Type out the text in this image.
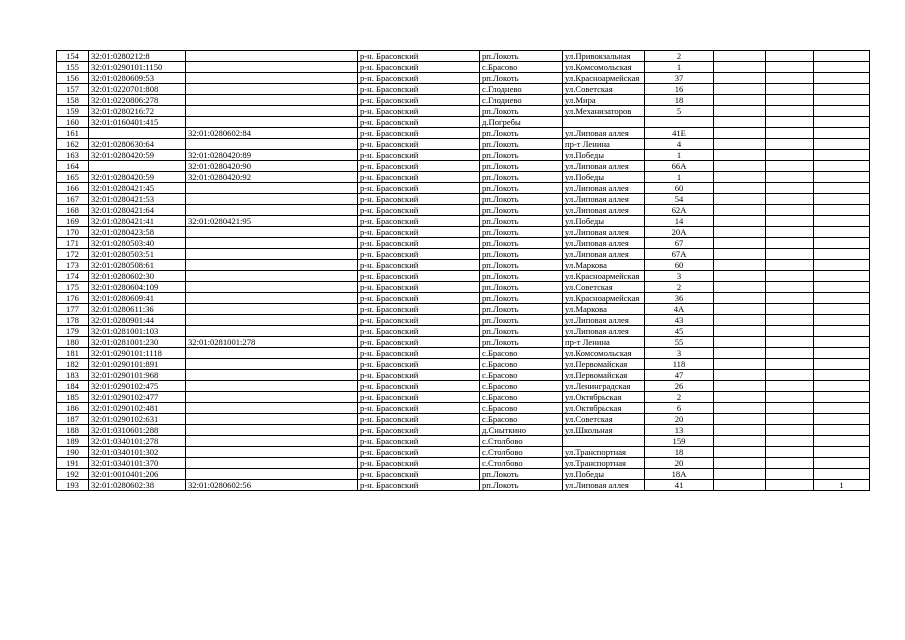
154	32:01:0280212:8		р-н. Брасовский	рп.Локоть	ул.Привокзальная	2			
155	32:01:0290101:1150		р-н. Брасовский	с.Брасово	ул.Комсомольская	1			
156	32:01:0280609:53		р-н. Брасовский	рп.Локоть	ул.Красноармейская	37			
157	32:01:0220701:808		р-н. Брасовский	с.Глоднево	ул.Советская	16			
158	32:01:0220806:278		р-н. Брасовский	с.Глодиево	ул.Мира	18			
159	32:01:0280216:72		р-н. Брасовский	рп.Локоть	ул.Механизаторов	5			
160	32:01:0160401:415		р-н. Брасовский	д.Погребы					
161		32:01:0280602:84	р-н. Брасовский	рп.Локоть	ул.Липовая аллея	41Е			
162	32:01:0280630:64		р-н. Брасовский	рп.Локоть	пр-т Ленина	4			
163	32:01:0280420:59	32:01:0280420:89	р-н. Брасовский	рп.Локоть	ул.Победы	1			
164		32:01:0280420:90	р-н. Брасовский	рп.Локоть	ул.Липовая аллея	66А			
165	32:01:0280420:59	32:01:0280420:92	р-н. Брасовский	рп.Локоть	ул.Победы	1			
166	32:01:0280421:45		р-н. Брасовский	рп.Локоть	ул.Липовая аллея	60			
167	32:01:0280421:53		р-н. Брасовский	рп.Локоть	ул.Липовая аллея	54			
168	32:01:0280421:64		р-н. Брасовский	рп.Локоть	ул.Липовая аллея	62А			
169	32:01:0280421:41	32:01:0280421:95	р-н. Брасовский	рп.Локоть	ул.Победы	14			
170	32:01:0280423:58		р-н. Брасовский	рп.Локоть	ул.Липовая аллея	20А			
171	32:01:0280503:40		р-н. Брасовский	рп.Локоть	ул.Липовая аллея	67			
172	32:01:0280503:51		р-н. Брасовский	рп.Локоть	ул.Липовая аллея	67А			
173	32:01:0280508:61		р-н. Брасовский	рп.Локоть	ул.Маркова	60			
174	32:01:0280602:30		р-н. Брасовский	рп.Локоть	ул.Красноармейская	3			
175	32:01:0280604:109		р-н. Брасовский	рп.Локоть	ул.Советская	2			
176	32:01:0280609:41		р-н. Брасовский	рп.Локоть	ул.Красноармейская	36			
177	32:01:0280611:36		р-н. Брасовский	рп.Локоть	ул.Маркова	4А			
178	32:01:0280901:44		р-н. Брасовский	рп.Локоть	ул.Липовая аллея	43			
179	32:01:0281001:103		р-н. Брасовский	рп.Локоть	ул.Липовая аллея	45			
180	32:01:0281001:230	32:01:0281001:278	р-н. Брасовский	рп.Локоть	пр-т Ленина	55			
181	32:01:0290101:1118		р-н. Брасовский	с.Брасово	ул.Комсомольская	3			
182	32:01:0290101:891		р-н. Брасовский	с.Брасово	ул.Первомайская	118			
183	32:01:0290101:968		р-н. Брасовский	с.Брасово	ул.Первомайская	47			
184	32:01:0290102:475		р-н. Брасовский	с.Брасово	ул.Ленинградская	26			
185	32:01:0290102:477		р-н. Брасовский	с.Брасово	ул.Октябрьская	2			
186	32:01:0290102:481		р-н. Брасовский	с.Брасово	ул.Октябрьская	6			
187	32:01:0290102:631		р-н. Брасовский	с.Брасово	ул.Советская	20			
188	32:01:0310601:288		р-н. Брасовский	д.Сныткино	ул.Школьная	13			
189	32:01:0340101:278		р-н. Брасовский	с.Столбово		159			
190	32:01:0340101:302		р-н. Брасовский	с.Столбово	ул.Транспортная	18			
191	32:01:0340101:370		р-н. Брасовский	с.Столбово	ул.Транспортная	20			
192	32:01:0010401:206		р-н. Брасовский	рп.Локоть	ул.Победы	18А			
193	32:01:0280602:38	32:01:0280602:56	р-н. Брасовский	рп.Локоть	ул.Липовая аллея	41			1
